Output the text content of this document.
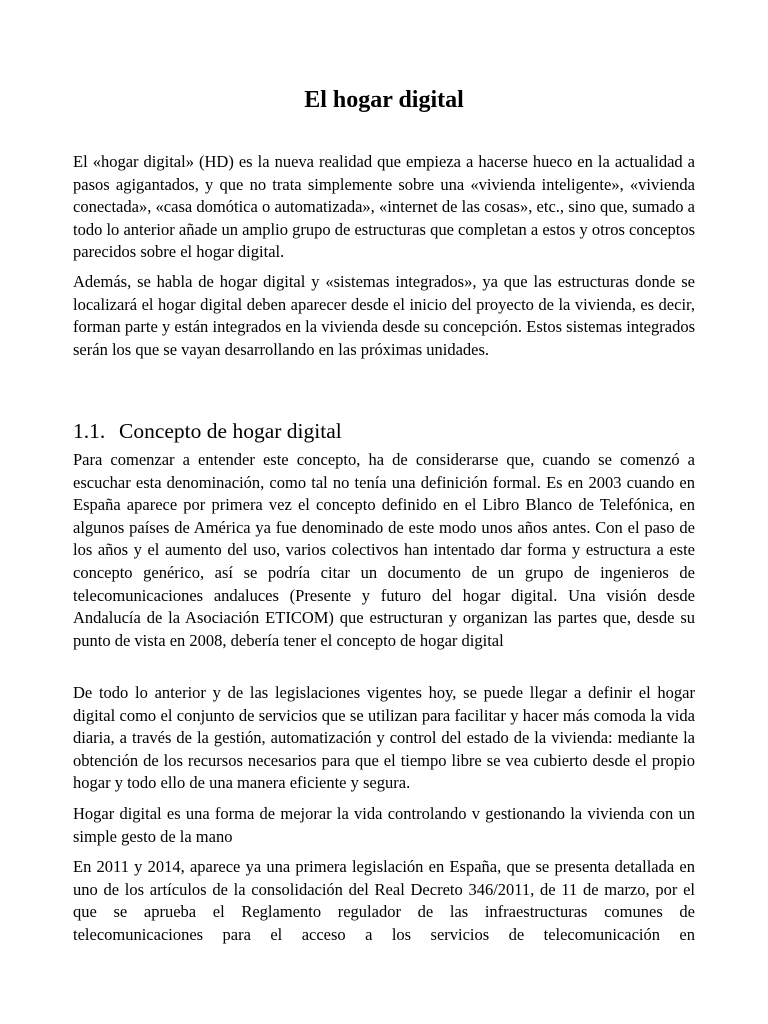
El hogar digital

El «hogar digital» (HD) es la nueva realidad que empieza a hacerse hueco en la actualidad a pasos agigantados, y que no trata simplemente sobre una «vivienda inteligente», «vivienda conectada», «casa domótica o automatizada», «internet de las cosas», etc., sino que, sumado a todo lo anterior añade un amplio grupo de estructuras que completan a estos y otros conceptos parecidos sobre el hogar digital.

Además, se habla de hogar digital y «sistemas integrados», ya que las estructuras donde se localizará el hogar digital deben aparecer desde el inicio del proyecto de la vivienda, es decir, forman parte y están integrados en la vivienda desde su concepción. Estos sistemas integrados serán los que se vayan desarrollando en las próximas unidades.

1.1. Concepto de hogar digital

Para comenzar a entender este concepto, ha de considerarse que, cuando se comenzó a escuchar esta denominación, como tal no tenía una definición formal. Es en 2003 cuando en España aparece por primera vez el concepto definido en el Libro Blanco de Telefónica, en algunos países de América ya fue denominado de este modo unos años antes. Con el paso de los años y el aumento del uso, varios colectivos han intentado dar forma y estructura a este concepto genérico, así se podría citar un documento de un grupo de ingenieros de telecomunicaciones andaluces (Presente y futuro del hogar digital. Una visión desde Andalucía de la Asociación ETICOM) que estructuran y organizan las partes que, desde su punto de vista en 2008, debería tener el concepto de hogar digital

De todo lo anterior y de las legislaciones vigentes hoy, se puede llegar a definir el hogar digital como el conjunto de servicios que se utilizan para facilitar y hacer más comoda la vida diaria, a través de la gestión, automatización y control del estado de la vivienda: mediante la obtención de los recursos necesarios para que el tiempo libre se vea cubierto desde el propio hogar y todo ello de una manera eficiente y segura.

Hogar digital es una forma de mejorar la vida controlando v gestionando la vivienda con un simple gesto de la mano

En 2011 y 2014, aparece ya una primera legislación en España, que se presenta detallada en uno de los artículos de la consolidación del Real Decreto 346/2011, de 11 de marzo, por el que se aprueba el Reglamento regulador de las infraestructuras comunes de telecomunicaciones para el acceso a los servicios de telecomunicación en
